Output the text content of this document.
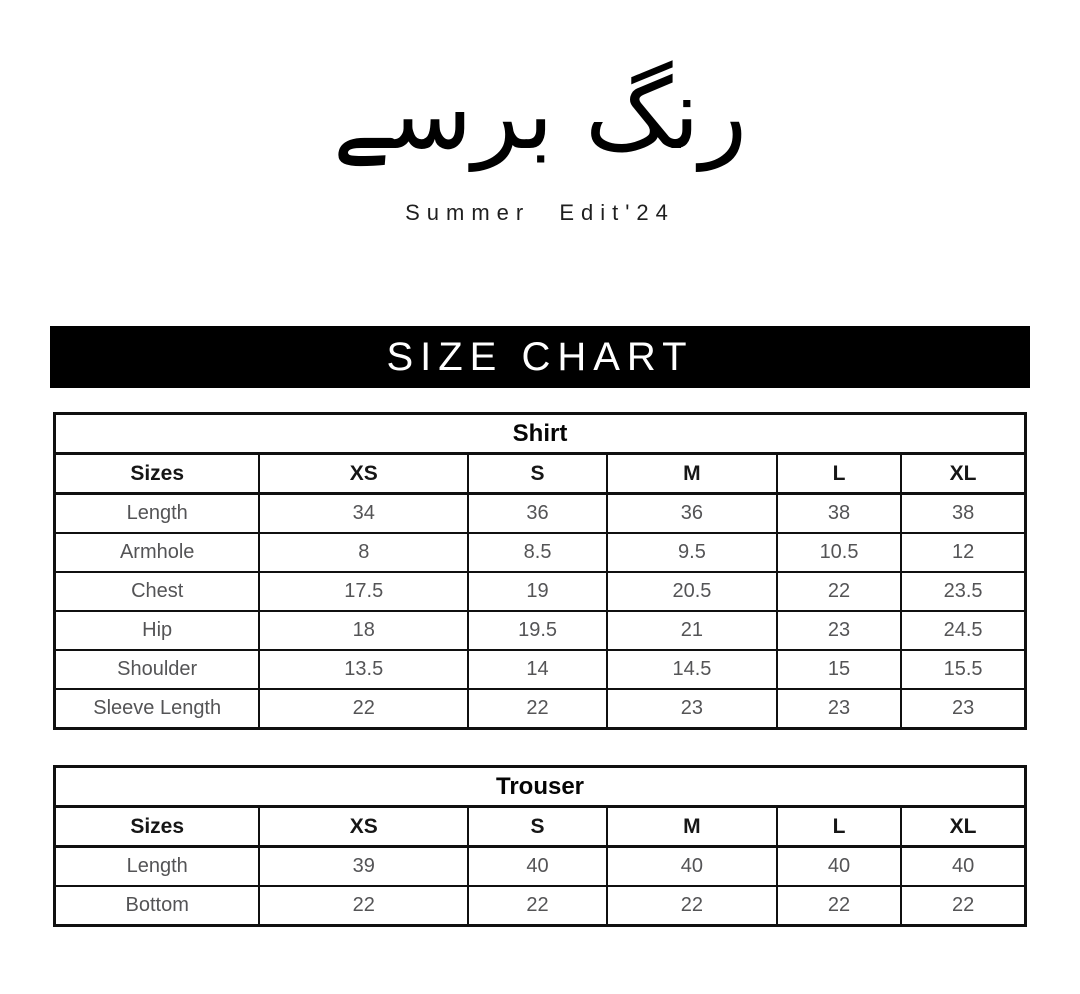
رنگ برسے
Summer Edit'24
SIZE CHART
Shirt					
Sizes	XS	S	M	L	XL
Length	34	36	36	38	38
Armhole	8	8.5	9.5	10.5	12
Chest	17.5	19	20.5	22	23.5
Hip	18	19.5	21	23	24.5
Shoulder	13.5	14	14.5	15	15.5
Sleeve Length	22	22	23	23	23
Trouser					
Sizes	XS	S	M	L	XL
Length	39	40	40	40	40
Bottom	22	22	22	22	22
